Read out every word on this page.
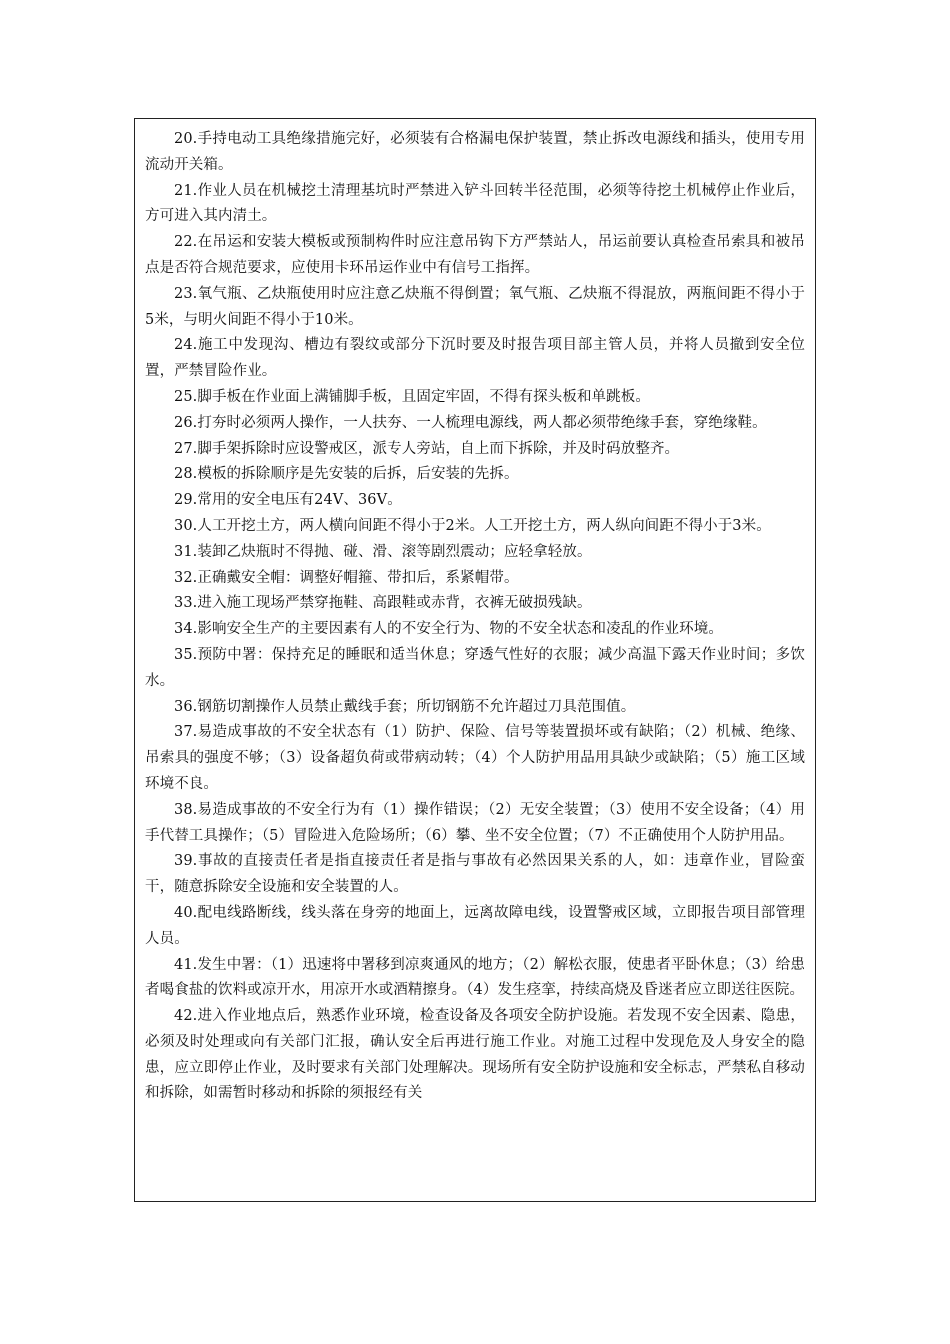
20.手持电动工具绝缘措施完好，必须装有合格漏电保护装置，禁止拆改电源线和插头，使用专用流动开关箱。

21.作业人员在机械挖土清理基坑时严禁进入铲斗回转半径范围，必须等待挖土机械停止作业后，方可进入其内清土。

22.在吊运和安装大模板或预制构件时应注意吊钩下方严禁站人，吊运前要认真检查吊索具和被吊点是否符合规范要求，应使用卡环吊运作业中有信号工指挥。

23.氧气瓶、乙炔瓶使用时应注意乙炔瓶不得倒置；氧气瓶、乙炔瓶不得混放，两瓶间距不得小于5米，与明火间距不得小于10米。

24.施工中发现沟、槽边有裂纹或部分下沉时要及时报告项目部主管人员，并将人员撤到安全位置，严禁冒险作业。

25.脚手板在作业面上满铺脚手板，且固定牢固，不得有探头板和单跳板。

26.打夯时必须两人操作，一人扶夯、一人梳理电源线，两人都必须带绝缘手套，穿绝缘鞋。

27.脚手架拆除时应设警戒区，派专人旁站，自上而下拆除，并及时码放整齐。

28.模板的拆除顺序是先安装的后拆，后安装的先拆。

29.常用的安全电压有24V、36V。

30.人工开挖土方，两人横向间距不得小于2米。人工开挖土方，两人纵向间距不得小于3米。

31.装卸乙炔瓶时不得抛、碰、滑、滚等剧烈震动；应轻拿轻放。

32.正确戴安全帽：调整好帽箍、带扣后，系紧帽带。

33.进入施工现场严禁穿拖鞋、高跟鞋或赤背，衣裤无破损残缺。

34.影响安全生产的主要因素有人的不安全行为、物的不安全状态和凌乱的作业环境。

35.预防中署：保持充足的睡眠和适当休息；穿透气性好的衣服；减少高温下露天作业时间；多饮水。

36.钢筋切割操作人员禁止戴线手套；所切钢筋不允许超过刀具范围值。

37.易造成事故的不安全状态有（1）防护、保险、信号等装置损坏或有缺陷；（2）机械、绝缘、吊索具的强度不够；（3）设备超负荷或带病动转；（4）个人防护用品用具缺少或缺陷；（5）施工区域环境不良。

38.易造成事故的不安全行为有（1）操作错误；（2）无安全装置；（3）使用不安全设备；（4）用手代替工具操作；（5）冒险进入危险场所；（6）攀、坐不安全位置；（7）不正确使用个人防护用品。

39.事故的直接责任者是指直接责任者是指与事故有必然因果关系的人，如：违章作业，冒险蛮干，随意拆除安全设施和安全装置的人。

40.配电线路断线，线头落在身旁的地面上，远离故障电线，设置警戒区域，立即报告项目部管理人员。

41.发生中署：（1）迅速将中署移到凉爽通风的地方；（2）解松衣服，使患者平卧休息；（3）给患者喝食盐的饮料或凉开水，用凉开水或酒精擦身。（4）发生痉挛，持续高烧及昏迷者应立即送往医院。

42.进入作业地点后，熟悉作业环境，检查设备及各项安全防护设施。若发现不安全因素、隐患，必须及时处理或向有关部门汇报，确认安全后再进行施工作业。对施工过程中发现危及人身安全的隐患，应立即停止作业，及时要求有关部门处理解决。现场所有安全防护设施和安全标志，严禁私自移动和拆除，如需暂时移动和拆除的须报经有关
